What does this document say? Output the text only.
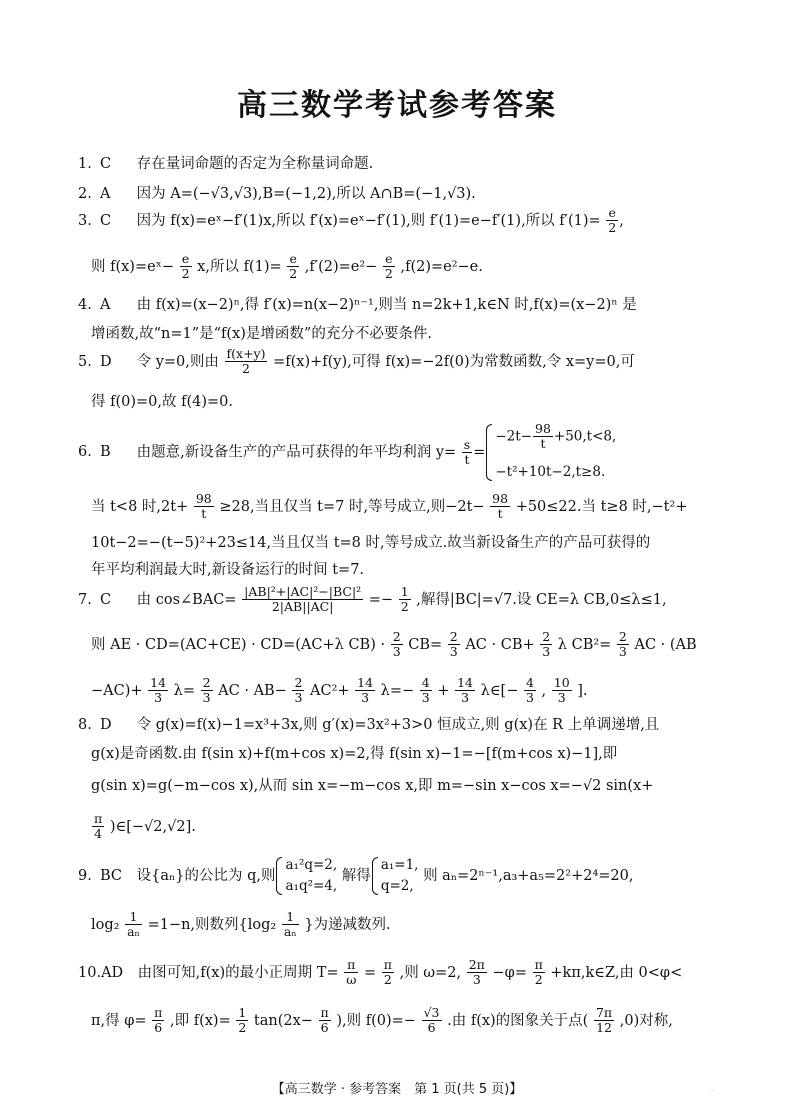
高三数学考试参考答案
1. C 存在量词命题的否定为全称量词命题.
2. A 因为 A=(−√3,√3),B=(−1,2),所以 A∩B=(−1,√3).
3. C 因为 f(x)=eˣ−f′(1)x,所以 f′(x)=eˣ−f′(1),则 f′(1)=e−f′(1),所以 $f'(1)= \frac{e}{2}$ ,
则 f(x)=eˣ− $\frac{e}{2} x$,所以 $f(1)= \frac{e}{2} ,f'(2)=e^2- \frac{e}{2} ,f(2)=e^2-e$.
4. A 由 f(x)=(x−2)ⁿ,得 f′(x)=n(x−2)ⁿ⁻¹,则当 n=2k+1,k∈N 时,f(x)=(x−2)ⁿ 是
增函数,故“n=1”是“f(x)是增函数”的充分不必要条件.
5. D 令 y=0,则由 $\frac{f(x+y)}{2} =f(x)+f(y)$,可得 f(x)=−2f(0)为常数函数,令 x=y=0,可
得 f(0)=0,故 f(4)=0.
6. B 由题意,新设备生产的产品可获得的年平均利润 $y= \frac{s}{t}$ =
$-2t- \frac{98}{t} +50,t<8$,
−t²+10t−2,t≥8.
当 t<8 时$,2t+ \frac{98}{t} \ge 28$,当且仅当 t=7 时,等号成立,则$-2t- \frac{98}{t} +50\le 22$.当 t≥8 时,−t²+
10t−2=−(t−5)²+23≤14,当且仅当 t=8 时,等号成立.故当新设备生产的产品可获得的
年平均利润最大时,新设备运行的时间 t=7.
7. C 由 cos∠BAC= $\frac{\text{|AB|²+|AC|²−|BC|²}}{2|AB||AC|} =- \frac{1}{2}$ ,解得|BC|=√7.设 CE=λ CB,0≤λ≤1,
则 AE · CD=(AC+CE) · CD=(AC+λ $CB) \cdot \frac{2}{3} CB= \frac{2}{3}$ AC · $CB+ \frac{2}{3}$ λ $CB^2= \frac{2}{3}$ AC · (AB
$-AC)+ \frac{14}{3} \lambda= \frac{2}{3}$ AC · $AB- \frac{2}{3} AC^2+ \frac{14}{3} \lambda=- \frac{4}{3} + \frac{14}{3}$ λ∈[− $\frac{4}{3}$ , $\frac{10}{3}$ ].
8. D 令 g(x)=f(x)−1=x³+3x,则 g′(x)=3x²+3>0 恒成立,则 g(x)在 R 上单调递增,且
g(x)是奇函数.由 f(sin x)+f(m+cos x)=2,得 f(sin x)−1=−[f(m+cos x)−1],即
g(sin x)=g(−m−cos x),从而 sin x=−m−cos x,即 m=−sin x−cos x=−√2 sin(x+
$\frac{\pi}{4}$ )∈[−√2,√2].
9. BC 设{aₙ}的公比为 q,则
a₁²q=2,
a₁q²=4,
解得
a₁=1,
q=2,
则 aₙ=2ⁿ⁻¹,a₃+a₅=2²+2⁴=20,
$\log_2 \frac{1}{\text{aₙ}} =1-n$,则数列{$\log_2 \frac{1}{\text{aₙ}}$ }为递减数列.
10.AD 由图可知,f(x)的最小正周期 $T= \frac{\pi}{\omega} = \frac{\pi}{2}$ ,则 ω=2, $\frac{2\pi}{3} -\varphi= \frac{\pi}{2}$ +kπ,k∈Z,由 0<φ<
π,得 $\varphi= \frac{\pi}{6}$ ,即 $f(x)= \frac{1}{2} \tan(2x- \frac{\pi}{6}$ ),则 $f(0)=- \frac{√3}{6}$ .由 f(x)的图象关于点( $\frac{7\pi}{12} ,0$)对称,
【高三数学 · 参考答案　第 1 页(共 5 页)】	..
